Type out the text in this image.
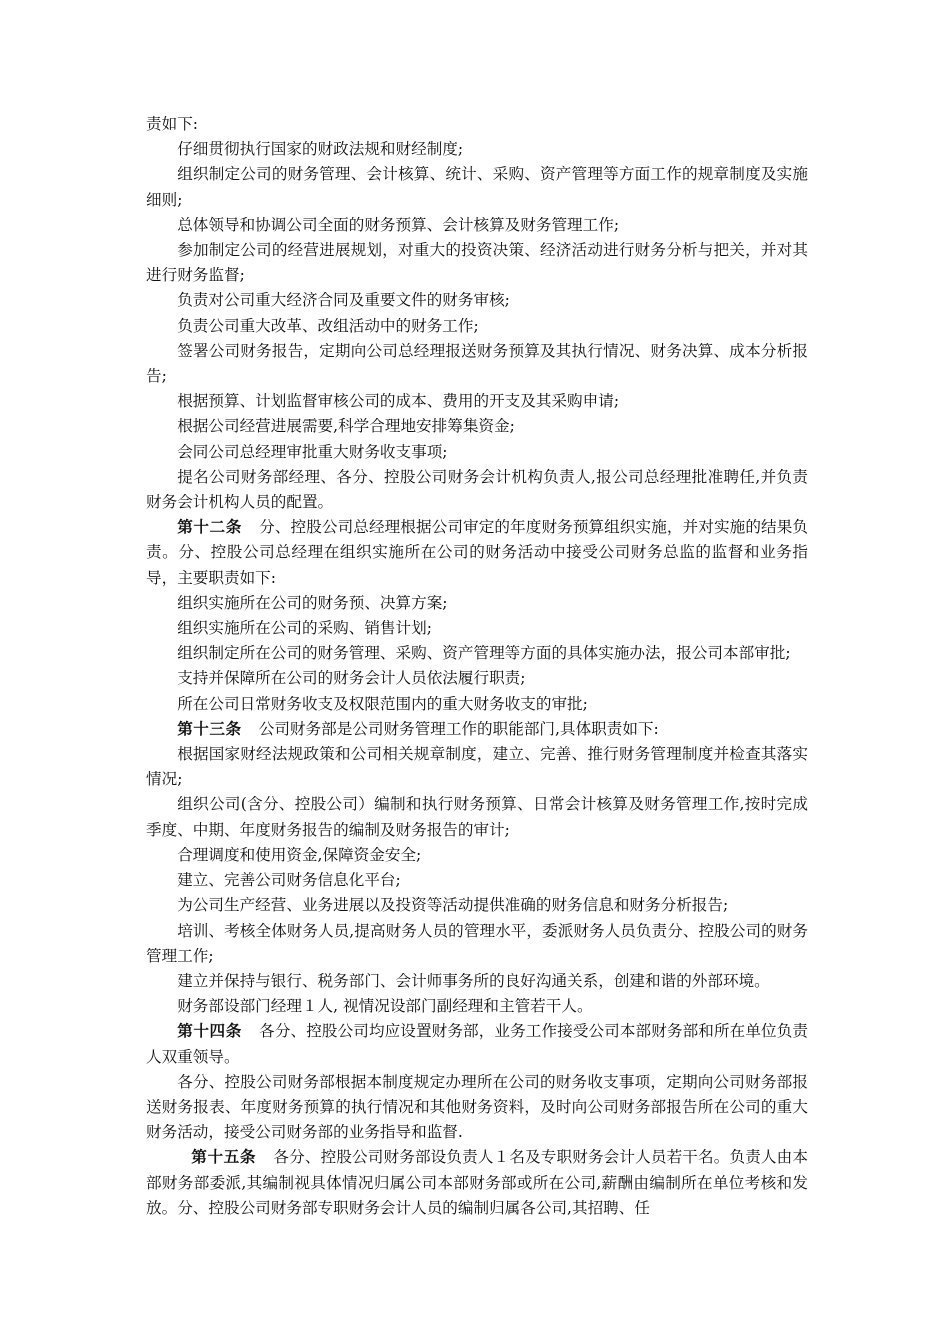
责如下:

仔细贯彻执行国家的财政法规和财经制度;

组织制定公司的财务管理、会计核算、统计、采购、资产管理等方面工作的规章制度及实施细则;

总体领导和协调公司全面的财务预算、会计核算及财务管理工作;

参加制定公司的经营进展规划，对重大的投资决策、经济活动进行财务分析与把关，并对其进行财务监督;

负责对公司重大经济合同及重要文件的财务审核;

负责公司重大改革、改组活动中的财务工作;

签署公司财务报告，定期向公司总经理报送财务预算及其执行情况、财务决算、成本分析报告;

根据预算、计划监督审核公司的成本、费用的开支及其采购申请;

根据公司经营进展需要,科学合理地安排筹集资金;

会同公司总经理审批重大财务收支事项;

提名公司财务部经理、各分、控股公司财务会计机构负责人,报公司总经理批准聘任,并负责财务会计机构人员的配置。

第十二条 分、控股公司总经理根据公司审定的年度财务预算组织实施，并对实施的结果负责。分、控股公司总经理在组织实施所在公司的财务活动中接受公司财务总监的监督和业务指导，主要职责如下:

组织实施所在公司的财务预、决算方案;

组织实施所在公司的采购、销售计划;

组织制定所在公司的财务管理、采购、资产管理等方面的具体实施办法，报公司本部审批;

支持并保障所在公司的财务会计人员依法履行职责;

所在公司日常财务收支及权限范围内的重大财务收支的审批;

第十三条 公司财务部是公司财务管理工作的职能部门,具体职责如下:

根据国家财经法规政策和公司相关规章制度，建立、完善、推行财务管理制度并检查其落实情况;

组织公司(含分、控股公司）编制和执行财务预算、日常会计核算及财务管理工作,按时完成季度、中期、年度财务报告的编制及财务报告的审计;

合理调度和使用资金,保障资金安全;

建立、完善公司财务信息化平台;

为公司生产经营、业务进展以及投资等活动提供准确的财务信息和财务分析报告;

培训、考核全体财务人员,提高财务人员的管理水平，委派财务人员负责分、控股公司的财务管理工作;

建立并保持与银行、税务部门、会计师事务所的良好沟通关系，创建和谐的外部环境。

财务部设部门经理１人, 视情况设部门副经理和主管若干人。

第十四条 各分、控股公司均应设置财务部，业务工作接受公司本部财务部和所在单位负责人双重领导。

各分、控股公司财务部根据本制度规定办理所在公司的财务收支事项，定期向公司财务部报送财务报表、年度财务预算的执行情况和其他财务资料，及时向公司财务部报告所在公司的重大财务活动，接受公司财务部的业务指导和监督.

第十五条 各分、控股公司财务部设负责人１名及专职财务会计人员若干名。负责人由本部财务部委派,其编制视具体情况归属公司本部财务部或所在公司,薪酬由编制所在单位考核和发放。分、控股公司财务部专职财务会计人员的编制归属各公司,其招聘、任
